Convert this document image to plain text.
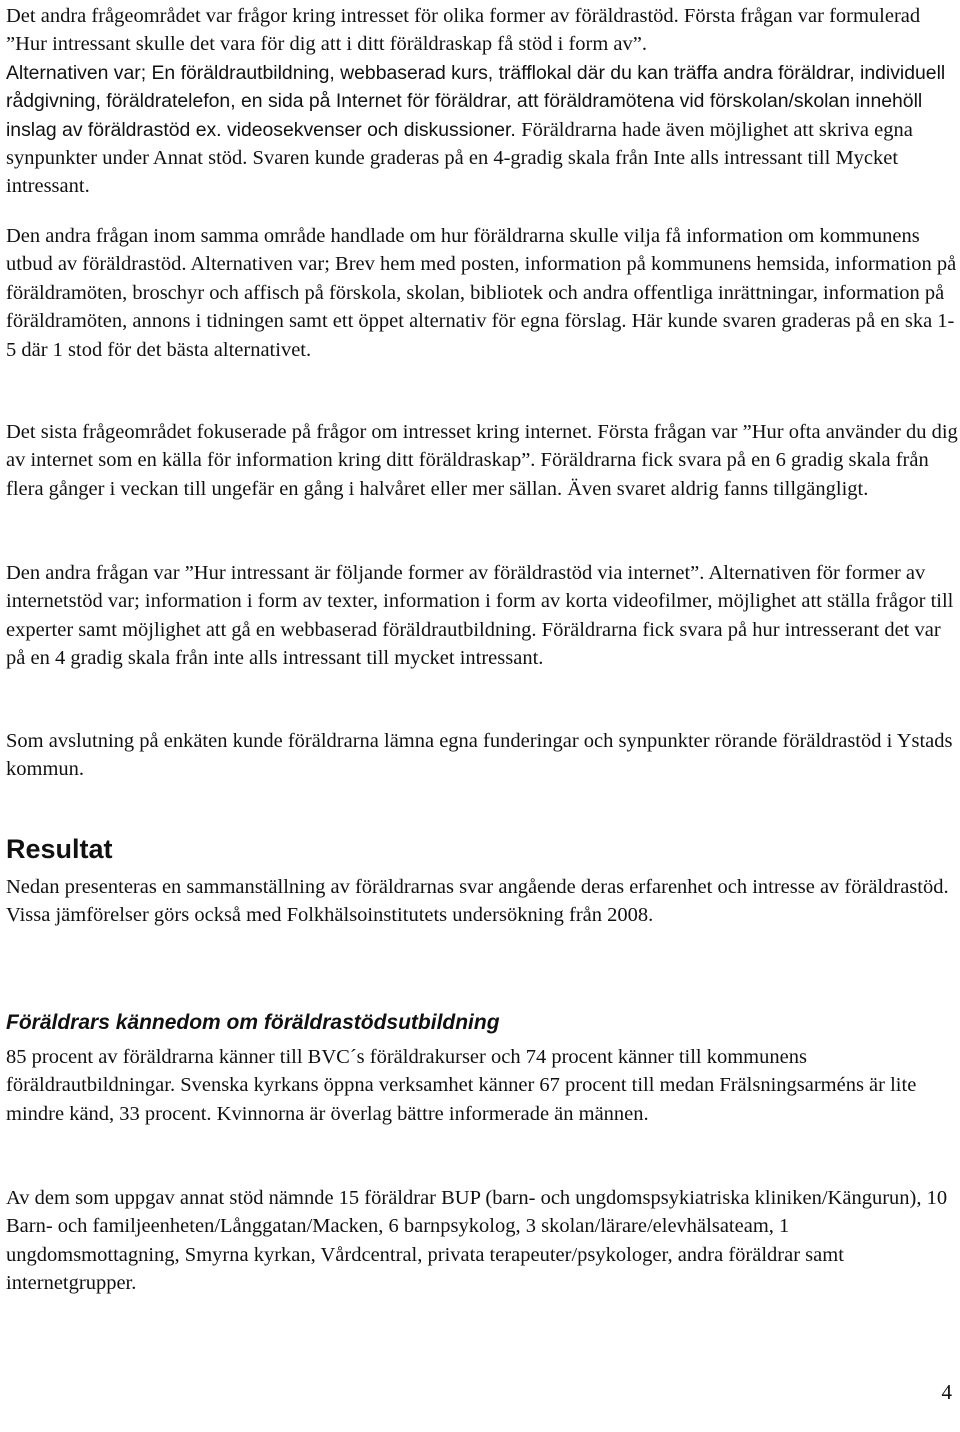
Det andra frågeområdet var frågor kring intresset för olika former av föräldrastöd. Första frågan var formulerad ”Hur intressant skulle det vara för dig att i ditt föräldraskap få stöd i form av”.

Alternativen var; En föräldrautbildning, webbaserad kurs, träfflokal där du kan träffa andra föräldrar, individuell rådgivning, föräldratelefon, en sida på Internet för föräldrar, att föräldramötena vid förskolan/skolan innehöll inslag av föräldrastöd ex. videosekvenser och diskussioner. Föräldrarna hade även möjlighet att skriva egna synpunkter under Annat stöd. Svaren kunde graderas på en 4-gradig skala från Inte alls intressant till Mycket intressant.

Den andra frågan inom samma område handlade om hur föräldrarna skulle vilja få information om kommunens utbud av föräldrastöd. Alternativen var; Brev hem med posten, information på kommunens hemsida, information på föräldramöten, broschyr och affisch på förskola, skolan, bibliotek och andra offentliga inrättningar, information på föräldramöten, annons i tidningen samt ett öppet alternativ för egna förslag. Här kunde svaren graderas på en ska 1-5 där 1 stod för det bästa alternativet.

Det sista frågeområdet fokuserade på frågor om intresset kring internet. Första frågan var ”Hur ofta använder du dig av internet som en källa för information kring ditt föräldraskap”. Föräldrarna fick svara på en 6 gradig skala från flera gånger i veckan till ungefär en gång i halvåret eller mer sällan. Även svaret aldrig fanns tillgängligt.

Den andra frågan var ”Hur intressant är följande former av föräldrastöd via internet”. Alternativen för former av internetstöd var; information i form av texter, information i form av korta videofilmer, möjlighet att ställa frågor till experter samt möjlighet att gå en webbaserad föräldrautbildning. Föräldrarna fick svara på hur intresserant det var på en 4 gradig skala från inte alls intressant till mycket intressant.

Som avslutning på enkäten kunde föräldrarna lämna egna funderingar och synpunkter rörande föräldrastöd i Ystads kommun.

Resultat

Nedan presenteras en sammanställning av föräldrarnas svar angående deras erfarenhet och intresse av föräldrastöd. Vissa jämförelser görs också med Folkhälsoinstitutets undersökning från 2008.

Föräldrars kännedom om föräldrastödsutbildning

85 procent av föräldrarna känner till BVC´s föräldrakurser och 74 procent känner till kommunens föräldrautbildningar. Svenska kyrkans öppna verksamhet känner 67 procent till medan Frälsningsarméns är lite mindre känd, 33 procent. Kvinnorna är överlag bättre informerade än männen.

Av dem som uppgav annat stöd nämnde 15 föräldrar BUP (barn- och ungdomspsykiatriska kliniken/Kängurun), 10 Barn- och familjeenheten/Långgatan/Macken, 6 barnpsykolog, 3 skolan/lärare/elevhälsateam, 1 ungdomsmottagning, Smyrna kyrkan, Vårdcentral, privata terapeuter/psykologer, andra föräldrar samt internetgrupper.

4
